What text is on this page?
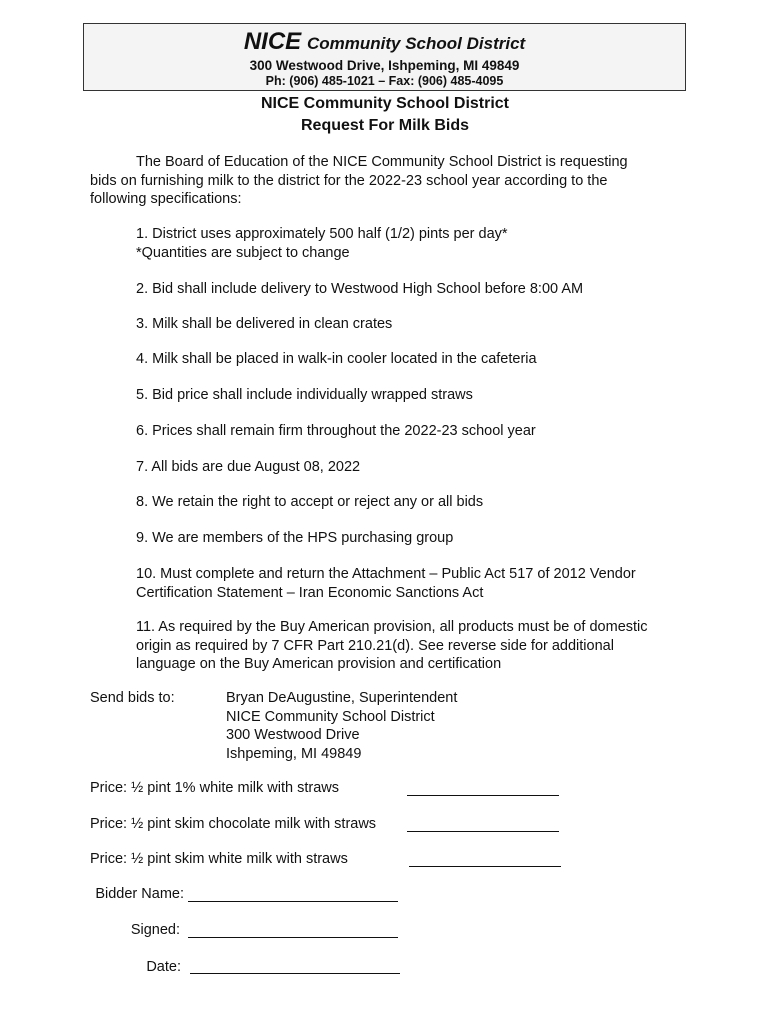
NICE Community School District
300 Westwood Drive, Ishpeming, MI 49849
Ph: (906) 485-1021 – Fax: (906) 485-4095
NICE Community School District
Request For Milk Bids
The Board of Education of the NICE Community School District is requesting
bids on furnishing milk to the district for the 2022-23 school year according to the
following specifications:
1. District uses approximately 500 half (1/2) pints per day*
*Quantities are subject to change
2. Bid shall include delivery to Westwood High School before 8:00 AM
3. Milk shall be delivered in clean crates
4. Milk shall be placed in walk-in cooler located in the cafeteria
5. Bid price shall include individually wrapped straws
6. Prices shall remain firm throughout the 2022-23 school year
7. All bids are due August 08, 2022
8. We retain the right to accept or reject any or all bids
9. We are members of the HPS purchasing group
10. Must complete and return the Attachment – Public Act 517 of 2012 Vendor
Certification Statement – Iran Economic Sanctions Act
11. As required by the Buy American provision, all products must be of domestic
origin as required by 7 CFR Part 210.21(d). See reverse side for additional
language on the Buy American provision and certification
Send bids to:	Bryan DeAugustine, Superintendent
NICE Community School District
300 Westwood Drive
Ishpeming, MI 49849
Price: ½ pint 1% white milk with straws
Price: ½ pint skim chocolate milk with straws
Price: ½ pint skim white milk with straws
Bidder Name:
Signed:
Date:
